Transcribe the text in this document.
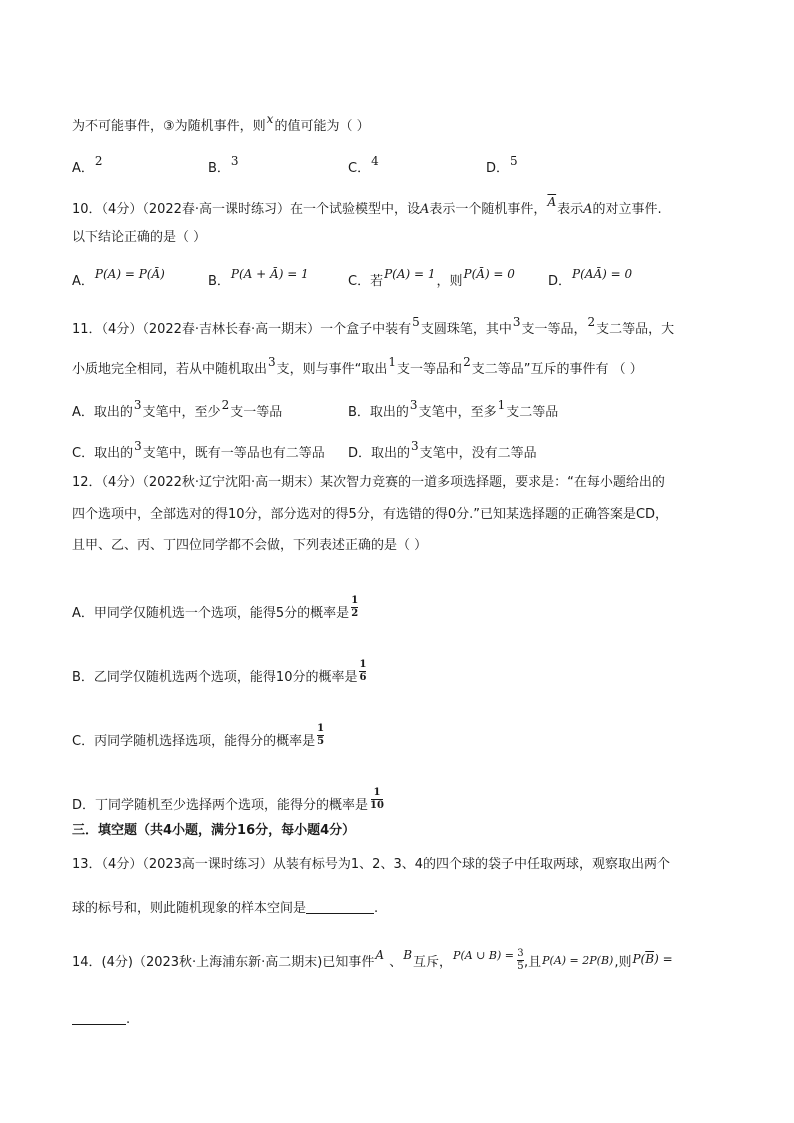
为不可能事件，③为随机事件，则x的值可能为（ ）
A．2	B．3	C．4	D．5
10．（4分）（2022春·高一课时练习）在一个试验模型中，设A表示一个随机事件，$\overline{A}$表示A的对立事件.
以下结论正确的是（ ）
A．P(A) = P(Ā)	B．P(A + Ā) = 1	C．若P(A) = 1，则P(Ā) = 0	D．P(AĀ) = 0
11．（4分）（2022春·吉林长春·高一期末）一个盒子中装有5支圆珠笔，其中3支一等品，2支二等品，大
小质地完全相同，若从中随机取出3支，则与事件“取出1支一等品和2支二等品”互斥的事件有 （ ）
A．取出的3支笔中，至少2支一等品	B．取出的3支笔中，至多1支二等品
C．取出的3支笔中，既有一等品也有二等品 D．取出的3支笔中，没有二等品
12．（4分）（2022秋·辽宁沈阳·高一期末）某次智力竞赛的一道多项选择题，要求是：“在每小题给出的
四个选项中，全部选对的得10分，部分选对的得5分，有选错的得0分.”已知某选择题的正确答案是CD，
且甲、乙、丙、丁四位同学都不会做，下列表述正确的是（ ）
A．甲同学仅随机选一个选项，能得5分的概率是 $\frac{1}{2}$
B．乙同学仅随机选两个选项，能得10分的概率是 $\frac{1}{6}$
C．丙同学随机选择选项，能得分的概率是 $\frac{1}{5}$
D．丁同学随机至少选择两个选项，能得分的概率是 $\frac{1}{10}$
三．填空题（共4小题，满分16分，每小题4分）
13．（4分）（2023高一课时练习）从装有标号为1、2、3、4的四个球的袋子中任取两球，观察取出两个
球的标号和，则此随机现象的样本空间是	.
14．(4分)（2023秋·上海浦东新·高二期末)已知事件A 、B互斥，$^{P(A \cup B) =} \frac{3}{5}$ ,且P(A) = 2P(B),则$P(\overline{B})$ =
.
